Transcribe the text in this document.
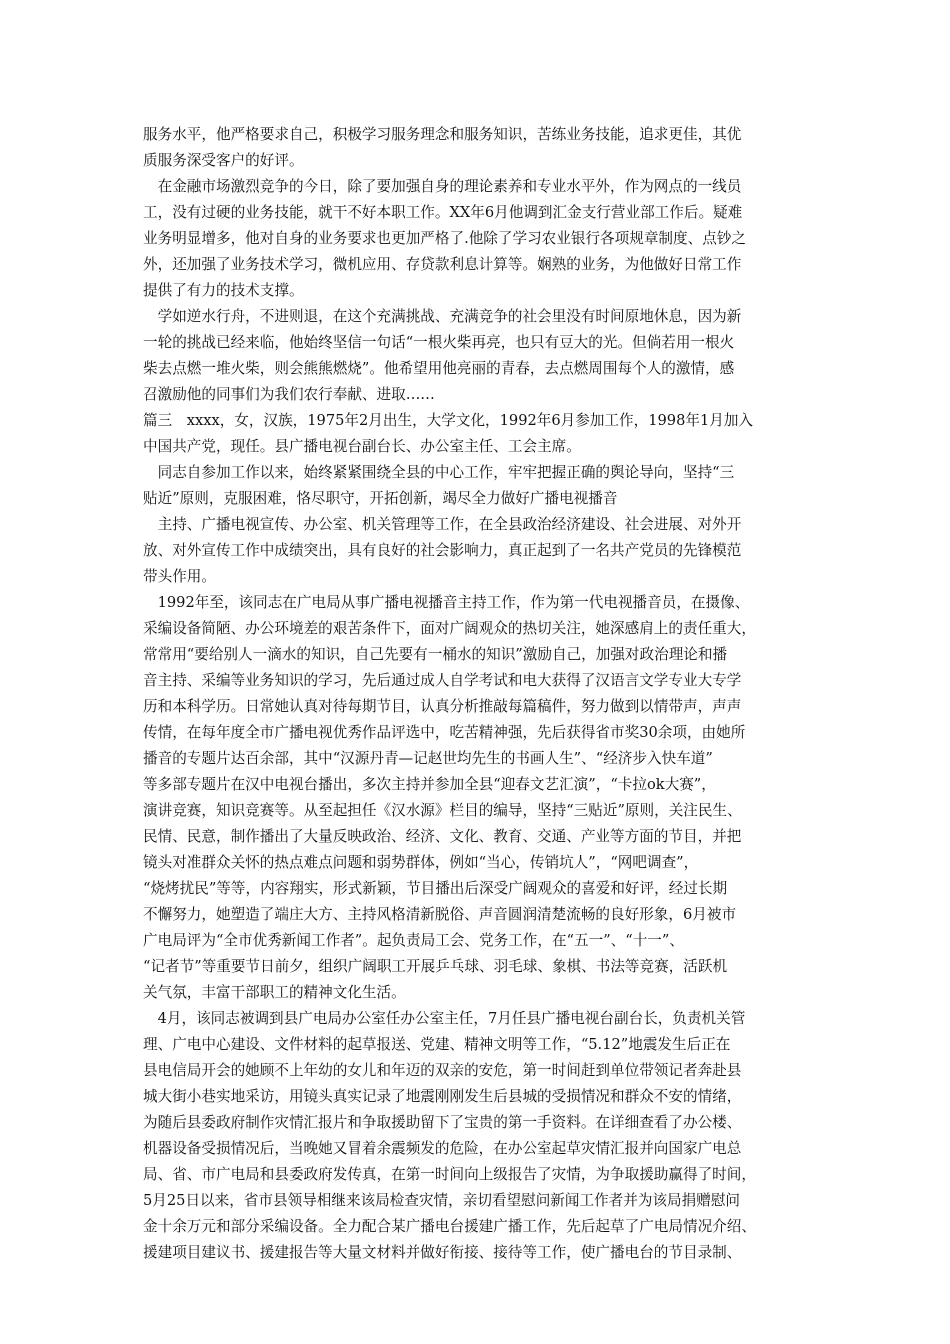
服务水平，他严格要求自己，积极学习服务理念和服务知识，苦练业务技能，追求更佳，其优
质服务深受客户的好评。
　在金融市场激烈竞争的今日，除了要加强自身的理论素养和专业水平外，作为网点的一线员
工，没有过硬的业务技能，就干不好本职工作。XX年6月他调到汇金支行营业部工作后。疑难
业务明显增多，他对自身的业务要求也更加严格了.他除了学习农业银行各项规章制度、点钞之
外，还加强了业务技术学习，微机应用、存贷款利息计算等。娴熟的业务，为他做好日常工作
提供了有力的技术支撑。
　学如逆水行舟，不进则退，在这个充满挑战、充满竞争的社会里没有时间原地休息，因为新
一轮的挑战已经来临，他始终坚信一句话“一根火柴再亮，也只有豆大的光。但倘若用一根火
柴去点燃一堆火柴，则会熊熊燃烧”。他希望用他亮丽的青春，去点燃周围每个人的激情，感
召激励他的同事们为我们农行奉献、进取……
篇三　xxxx，女，汉族，1975年2月出生，大学文化，1992年6月参加工作，1998年1月加入
中国共产党，现任。县广播电视台副台长、办公室主任、工会主席。
　同志自参加工作以来，始终紧紧围绕全县的中心工作，牢牢把握正确的舆论导向，坚持“三
贴近”原则，克服困难，恪尽职守，开拓创新，竭尽全力做好广播电视播音
　主持、广播电视宣传、办公室、机关管理等工作，在全县政治经济建设、社会进展、对外开
放、对外宣传工作中成绩突出，具有良好的社会影响力，真正起到了一名共产党员的先锋模范
带头作用。
　1992年至，该同志在广电局从事广播电视播音主持工作，作为第一代电视播音员，在摄像、
采编设备简陋、办公环境差的艰苦条件下，面对广阔观众的热切关注，她深感肩上的责任重大，
常常用“要给别人一滴水的知识，自己先要有一桶水的知识”激励自己，加强对政治理论和播
音主持、采编等业务知识的学习，先后通过成人自学考试和电大获得了汉语言文学专业大专学
历和本科学历。日常她认真对待每期节目，认真分析推敲每篇稿件，努力做到以情带声，声声
传情，在每年度全市广播电视优秀作品评选中，吃苦精神强，先后获得省市奖30余项，由她所
播音的专题片达百余部，其中“汉源丹青—记赵世均先生的书画人生”、“经济步入快车道”
等多部专题片在汉中电视台播出，多次主持并参加全县“迎春文艺汇演”，“卡拉ok大赛”，
演讲竞赛，知识竞赛等。从至起担任《汉水源》栏目的编导，坚持“三贴近”原则，关注民生、
民情、民意，制作播出了大量反映政治、经济、文化、教育、交通、产业等方面的节目，并把
镜头对准群众关怀的热点难点问题和弱势群体，例如“当心，传销坑人”，“网吧调查”，
“烧烤扰民”等等，内容翔实，形式新颖，节目播出后深受广阔观众的喜爱和好评，经过长期
不懈努力，她塑造了端庄大方、主持风格清新脱俗、声音圆润清楚流畅的良好形象，6月被市
广电局评为“全市优秀新闻工作者”。起负责局工会、党务工作，在“五一”、“十一”、
“记者节”等重要节日前夕，组织广阔职工开展乒乓球、羽毛球、象棋、书法等竞赛，活跃机
关气氛，丰富干部职工的精神文化生活。
　4月，该同志被调到县广电局办公室任办公室主任，7月任县广播电视台副台长，负责机关管
理、广电中心建设、文件材料的起草报送、党建、精神文明等工作，“5.12”地震发生后正在
县电信局开会的她顾不上年幼的女儿和年迈的双亲的安危，第一时间赶到单位带领记者奔赴县
城大街小巷实地采访，用镜头真实记录了地震刚刚发生后县城的受损情况和群众不安的情绪，
为随后县委政府制作灾情汇报片和争取援助留下了宝贵的第一手资料。在详细查看了办公楼、
机器设备受损情况后，当晚她又冒着余震频发的危险，在办公室起草灾情汇报并向国家广电总
局、省、市广电局和县委政府发传真，在第一时间向上级报告了灾情，为争取援助赢得了时间，
5月25日以来，省市县领导相继来该局检查灾情，亲切看望慰问新闻工作者并为该局捐赠慰问
金十余万元和部分采编设备。全力配合某广播电台援建广播工作，先后起草了广电局情况介绍、
援建项目建议书、援建报告等大量文材料并做好衔接、接待等工作，使广播电台的节目录制、
